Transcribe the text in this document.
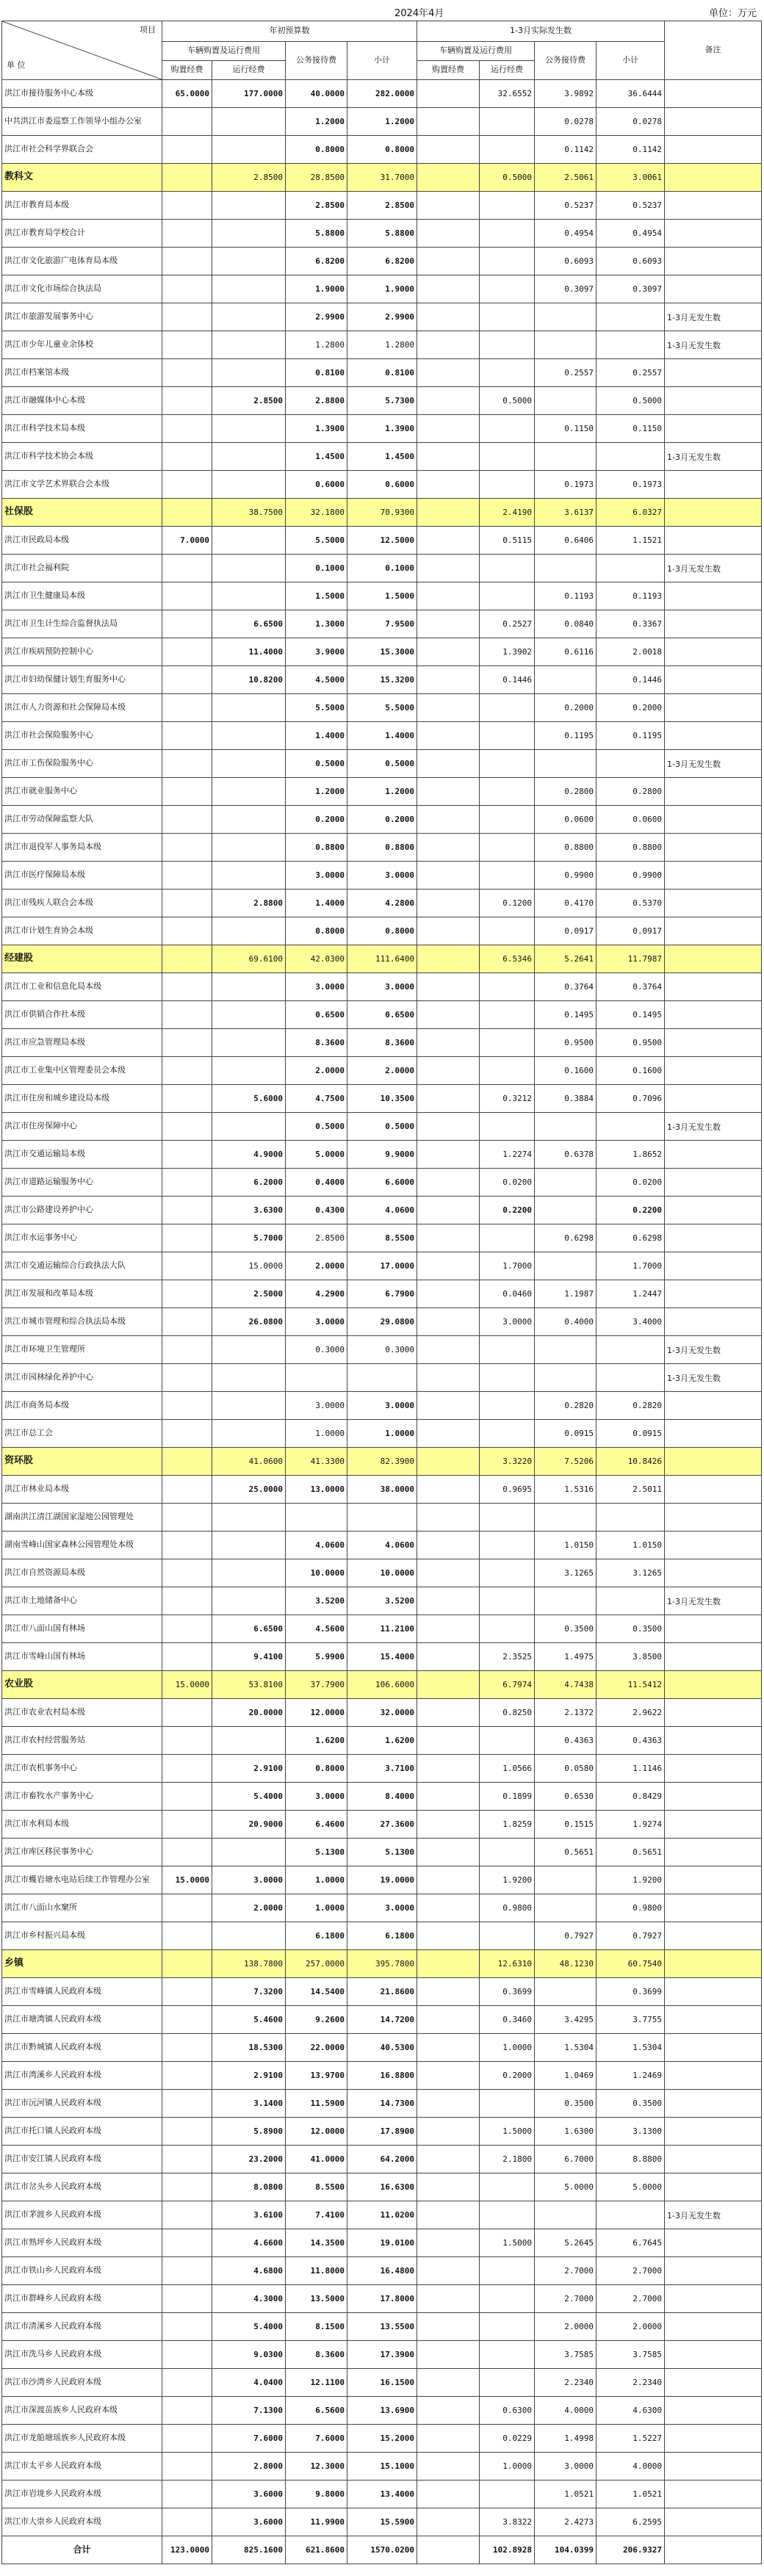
2024年4月	单位：万元
项目
单 位	年初预算数				1-3月实际发生数				备注
	车辆购置及运行费用		公务接待费	小计	车辆购置及运行费用		公务接待费	小计	
	购置经费	运行经费			购置经费	运行经费			
洪江市接待服务中心本级	65.0000	177.0000	40.0000	282.0000		32.6552	3.9892	36.6444	
中共洪江市委巡察工作领导小组办公室			1.2000	1.2000			0.0278	0.0278	
洪江市社会科学界联合会			0.8000	0.8000			0.1142	0.1142	
教科文		2.8500	28.8500	31.7000		0.5000	2.5061	3.0061	
洪江市教育局本级			2.8500	2.8500			0.5237	0.5237	
洪江市教育局学校合计			5.8800	5.8800			0.4954	0.4954	
洪江市文化旅游广电体育局本级			6.8200	6.8200			0.6093	0.6093	
洪江市文化市场综合执法局			1.9000	1.9000			0.3097	0.3097	
洪江市旅游发展事务中心			2.9900	2.9900					1-3月无发生数
洪江市少年儿童业余体校			1.2800	1.2800					1-3月无发生数
洪江市档案馆本级			0.8100	0.8100			0.2557	0.2557	
洪江市融媒体中心本级		2.8500	2.8800	5.7300		0.5000		0.5000	
洪江市科学技术局本级			1.3900	1.3900			0.1150	0.1150	
洪江市科学技术协会本级			1.4500	1.4500					1-3月无发生数
洪江市文学艺术界联合会本级			0.6000	0.6000			0.1973	0.1973	
社保股		38.7500	32.1800	70.9300		2.4190	3.6137	6.0327	
洪江市民政局本级	7.0000		5.5000	12.5000		0.5115	0.6406	1.1521	
洪江市社会福利院			0.1000	0.1000					1-3月无发生数
洪江市卫生健康局本级			1.5000	1.5000			0.1193	0.1193	
洪江市卫生计生综合监督执法局		6.6500	1.3000	7.9500		0.2527	0.0840	0.3367	
洪江市疾病预防控制中心		11.4000	3.9000	15.3000		1.3902	0.6116	2.0018	
洪江市妇幼保健计划生育服务中心		10.8200	4.5000	15.3200		0.1446		0.1446	
洪江市人力资源和社会保障局本级			5.5000	5.5000			0.2000	0.2000	
洪江市社会保险服务中心			1.4000	1.4000			0.1195	0.1195	
洪江市工伤保险服务中心			0.5000	0.5000					1-3月无发生数
洪江市就业服务中心			1.2000	1.2000			0.2800	0.2800	
洪江市劳动保障监察大队			0.2000	0.2000			0.0600	0.0600	
洪江市退役军人事务局本级			0.8800	0.8800			0.8800	0.8800	
洪江市医疗保障局本级			3.0000	3.0000			0.9900	0.9900	
洪江市残疾人联合会本级		2.8800	1.4000	4.2800		0.1200	0.4170	0.5370	
洪江市计划生育协会本级			0.8000	0.8000			0.0917	0.0917	
经建股		69.6100	42.0300	111.6400		6.5346	5.2641	11.7987	
洪江市工业和信息化局本级			3.0000	3.0000			0.3764	0.3764	
洪江市供销合作社本级			0.6500	0.6500			0.1495	0.1495	
洪江市应急管理局本级			8.3600	8.3600			0.9500	0.9500	
洪江市工业集中区管理委员会本级			2.0000	2.0000			0.1600	0.1600	
洪江市住房和城乡建设局本级		5.6000	4.7500	10.3500		0.3212	0.3884	0.7096	
洪江市住房保障中心			0.5000	0.5000					1-3月无发生数
洪江市交通运输局本级		4.9000	5.0000	9.9000		1.2274	0.6378	1.8652	
洪江市道路运输服务中心		6.2000	0.4000	6.6000		0.0200		0.0200	
洪江市公路建设养护中心		3.6300	0.4300	4.0600		0.2200		0.2200	
洪江市水运事务中心		5.7000	2.8500	8.5500			0.6298	0.6298	
洪江市交通运输综合行政执法大队		15.0000	2.0000	17.0000		1.7000		1.7000	
洪江市发展和改革局本级		2.5000	4.2900	6.7900		0.0460	1.1987	1.2447	
洪江市城市管理和综合执法局本级		26.0800	3.0000	29.0800		3.0000	0.4000	3.4000	
洪江市环境卫生管理所			0.3000	0.3000					1-3月无发生数
洪江市园林绿化养护中心									1-3月无发生数
洪江市商务局本级			3.0000	3.0000			0.2820	0.2820	
洪江市总工会			1.0000	1.0000			0.0915	0.0915	
资环股		41.0600	41.3300	82.3900		3.3220	7.5206	10.8426	
洪江市林业局本级		25.0000	13.0000	38.0000		0.9695	1.5316	2.5011	
湖南洪江清江湖国家湿地公园管理处									
湖南雪峰山国家森林公园管理处本级			4.0600	4.0600			1.0150	1.0150	
洪江市自然资源局本级			10.0000	10.0000			3.1265	3.1265	
洪江市土地储备中心			3.5200	3.5200					1-3月无发生数
洪江市八面山国有林场		6.6500	4.5600	11.2100			0.3500	0.3500	
洪江市雪峰山国有林场		9.4100	5.9900	15.4000		2.3525	1.4975	3.8500	
农业股	15.0000	53.8100	37.7900	106.6000		6.7974	4.7438	11.5412	
洪江市农业农村局本级		20.0000	12.0000	32.0000		0.8250	2.1372	2.9622	
洪江市农村经营服务站			1.6200	1.6200			0.4363	0.4363	
洪江市农机事务中心		2.9100	0.8000	3.7100		1.0566	0.0580	1.1146	
洪江市畜牧水产事务中心		5.4000	3.0000	8.4000		0.1899	0.6530	0.8429	
洪江市水利局本级		20.9000	6.4600	27.3600		1.8259	0.1515	1.9274	
洪江市库区移民事务中心			5.1300	5.1300			0.5651	0.5651	
洪江市蠖岩塘水电站后续工作管理办公室	15.0000	3.0000	1.0000	19.0000		1.9200		1.9200	
洪江市八面山水窠所		2.0000	1.0000	3.0000		0.9800		0.9800	
洪江市乡村振兴局本级			6.1800	6.1800			0.7927	0.7927	
乡镇		138.7800	257.0000	395.7800		12.6310	48.1230	60.7540	
洪江市雪峰镇人民政府本级		7.3200	14.5400	21.8600		0.3699		0.3699	
洪江市塘湾镇人民政府本级		5.4600	9.2600	14.7200		0.3460	3.4295	3.7755	
洪江市黔城镇人民政府本级		18.5300	22.0000	40.5300		1.0000	1.5304	1.5304	
洪江市湾溪乡人民政府本级		2.9100	13.9700	16.8800		0.2000	1.0469	1.2469	
洪江市沅河镇人民政府本级		3.1400	11.5900	14.7300			0.3500	0.3500	
洪江市托口镇人民政府本级		5.8900	12.0000	17.8900		1.5000	1.6300	3.1300	
洪江市安江镇人民政府本级		23.2000	41.0000	64.2000		2.1800	6.7000	8.8800	
洪江市岔头乡人民政府本级		8.0800	8.5500	16.6300			5.0000	5.0000	
洪江市茅渡乡人民政府本级		3.6100	7.4100	11.0200					1-3月无发生数
洪江市熟坪乡人民政府本级		4.6600	14.3500	19.0100		1.5000	5.2645	6.7645	
洪江市铁山乡人民政府本级		4.6800	11.8000	16.4800			2.7000	2.7000	
洪江市群峰乡人民政府本级		4.3000	13.5000	17.8000			2.7000	2.7000	
洪江市清溪乡人民政府本级		5.4000	8.1500	13.5500			2.0000	2.0000	
洪江市洗马乡人民政府本级		9.0300	8.3600	17.3900			3.7585	3.7585	
洪江市沙湾乡人民政府本级		4.0400	12.1100	16.1500			2.2340	2.2340	
洪江市深渡苗族乡人民政府本级		7.1300	6.5600	13.6900		0.6300	4.0000	4.6300	
洪江市龙船塘瑶族乡人民政府本级		7.6000	7.6000	15.2000		0.0229	1.4998	1.5227	
洪江市太平乡人民政府本级		2.8000	12.3000	15.1000		1.0000	3.0000	4.0000	
洪江市岩垅乡人民政府本级		3.6000	9.8000	13.4000			1.0521	1.0521	
洪江市大崇乡人民政府本级		3.6000	11.9900	15.5900		3.8322	2.4273	6.2595	
合计	123.0000	825.1600	621.8600	1570.0200		102.8928	104.0399	206.9327	
